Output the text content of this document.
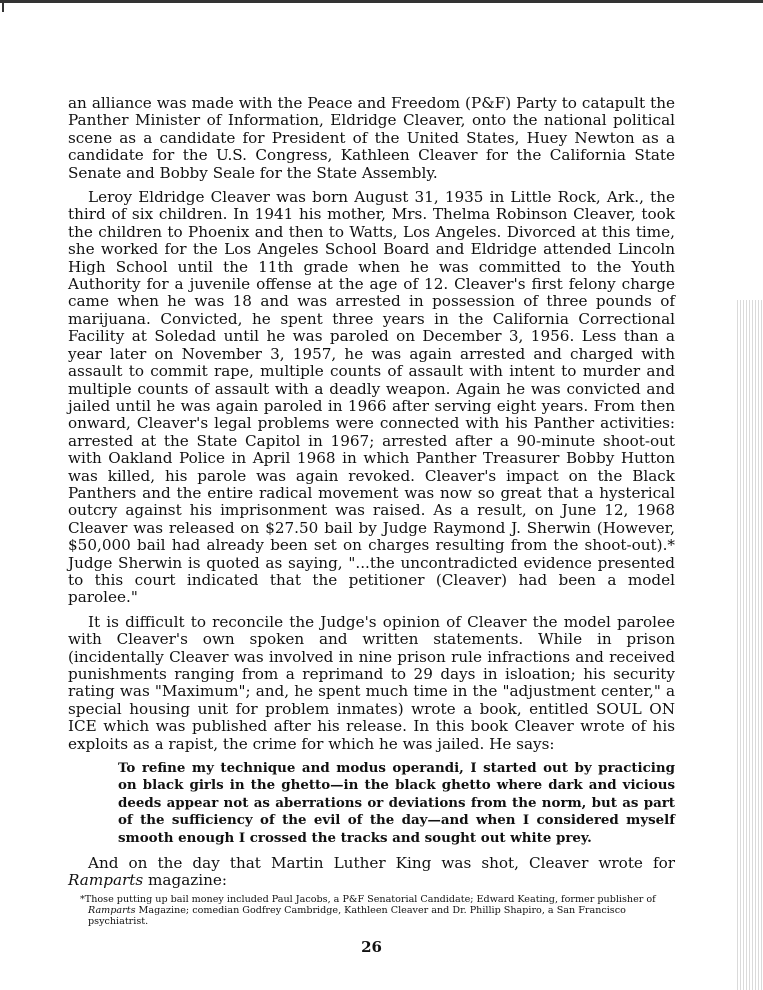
an alliance was made with the Peace and Freedom (P&F) Party to catapult the Panther Minister of Information, Eldridge Cleaver, onto the national political scene as a candidate for President of the United States, Huey Newton as a candidate for the U.S. Congress, Kathleen Cleaver for the California State Senate and Bobby Seale for the State Assembly.

Leroy Eldridge Cleaver was born August 31, 1935 in Little Rock, Ark., the third of six children. In 1941 his mother, Mrs. Thelma Robinson Cleaver, took the children to Phoenix and then to Watts, Los Angeles. Divorced at this time, she worked for the Los Angeles School Board and Eldridge attended Lincoln High School until the 11th grade when he was committed to the Youth Authority for a juvenile offense at the age of 12. Cleaver's first felony charge came when he was 18 and was arrested in possession of three pounds of marijuana. Convicted, he spent three years in the California Correctional Facility at Soledad until he was paroled on December 3, 1956. Less than a year later on November 3, 1957, he was again arrested and charged with assault to commit rape, multiple counts of assault with intent to murder and multiple counts of assault with a deadly weapon. Again he was convicted and jailed until he was again paroled in 1966 after serving eight years. From then onward, Cleaver's legal problems were connected with his Panther activities: arrested at the State Capitol in 1967; arrested after a 90-minute shoot-out with Oakland Police in April 1968 in which Panther Treasurer Bobby Hutton was killed, his parole was again revoked. Cleaver's impact on the Black Panthers and the entire radical movement was now so great that a hysterical outcry against his imprisonment was raised. As a result, on June 12, 1968 Cleaver was released on $27.50 bail by Judge Raymond J. Sherwin (However, $50,000 bail had already been set on charges resulting from the shoot-out).* Judge Sherwin is quoted as saying, "...the uncontradicted evidence presented to this court indicated that the petitioner (Cleaver) had been a model parolee."

It is difficult to reconcile the Judge's opinion of Cleaver the model parolee with Cleaver's own spoken and written statements. While in prison (incidentally Cleaver was involved in nine prison rule infractions and received punishments ranging from a reprimand to 29 days in isloation; his security rating was "Maximum"; and, he spent much time in the "adjustment center," a special housing unit for problem inmates) wrote a book, entitled SOUL ON ICE which was published after his release. In this book Cleaver wrote of his exploits as a rapist, the crime for which he was jailed. He says:

To refine my technique and modus operandi, I started out by practicing on black girls in the ghetto—in the black ghetto where dark and vicious deeds appear not as aberrations or deviations from the norm, but as part of the sufficiency of the evil of the day—and when I considered myself smooth enough I crossed the tracks and sought out white prey.

And on the day that Martin Luther King was shot, Cleaver wrote for Ramparts magazine:

*Those putting up bail money included Paul Jacobs, a P&F Senatorial Candidate; Edward Keating, former publisher of Ramparts Magazine; comedian Godfrey Cambridge, Kathleen Cleaver and Dr. Phillip Shapiro, a San Francisco psychiatrist.

26
